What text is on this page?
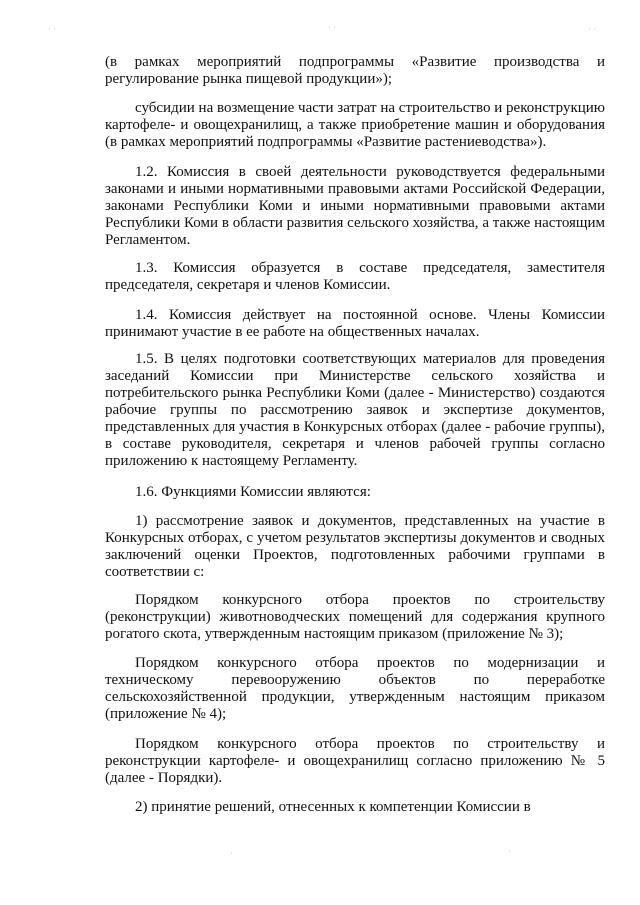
˙ ˙	˙ ˙	˙ ˙
˙	˙

(в рамках мероприятий подпрограммы «Развитие производства и регулирование рынка пищевой продукции»);

субсидии на возмещение части затрат на строительство и реконструкцию картофеле- и овощехранилищ, а также приобретение машин и оборудования (в рамках мероприятий подпрограммы «Развитие растениеводства»).

1.2. Комиссия в своей деятельности руководствуется федеральными законами и иными нормативными правовыми актами Российской Федерации, законами Республики Коми и иными нормативными правовыми актами Республики Коми в области развития сельского хозяйства, а также настоящим Регламентом.

1.3. Комиссия образуется в составе председателя, заместителя председателя, секретаря и членов Комиссии.

1.4. Комиссия действует на постоянной основе. Члены Комиссии принимают участие в ее работе на общественных началах.

1.5. В целях подготовки соответствующих материалов для проведения заседаний Комиссии при Министерстве сельского хозяйства и потребительского рынка Республики Коми (далее - Министерство) создаются рабочие группы по рассмотрению заявок и экспертизе документов, представленных для участия в Конкурсных отборах (далее - рабочие группы), в составе руководителя, секретаря и членов рабочей группы согласно приложению к настоящему Регламенту.

1.6. Функциями Комиссии являются:

1) рассмотрение заявок и документов, представленных на участие в Конкурсных отборах, с учетом результатов экспертизы документов и сводных заключений оценки Проектов, подготовленных рабочими группами в соответствии с:

Порядком конкурсного отбора проектов по строительству (реконструкции) животноводческих помещений для содержания крупного рогатого скота, утвержденным настоящим приказом (приложение № 3);

Порядком конкурсного отбора проектов по модернизации и техническому перевооружению объектов по переработке сельскохозяйственной продукции, утвержденным настоящим приказом (приложение № 4);

Порядком конкурсного отбора проектов по строительству и реконструкции картофеле- и овощехранилищ согласно приложению № 5 (далее - Порядки).

2) принятие решений, отнесенных к компетенции Комиссии в
